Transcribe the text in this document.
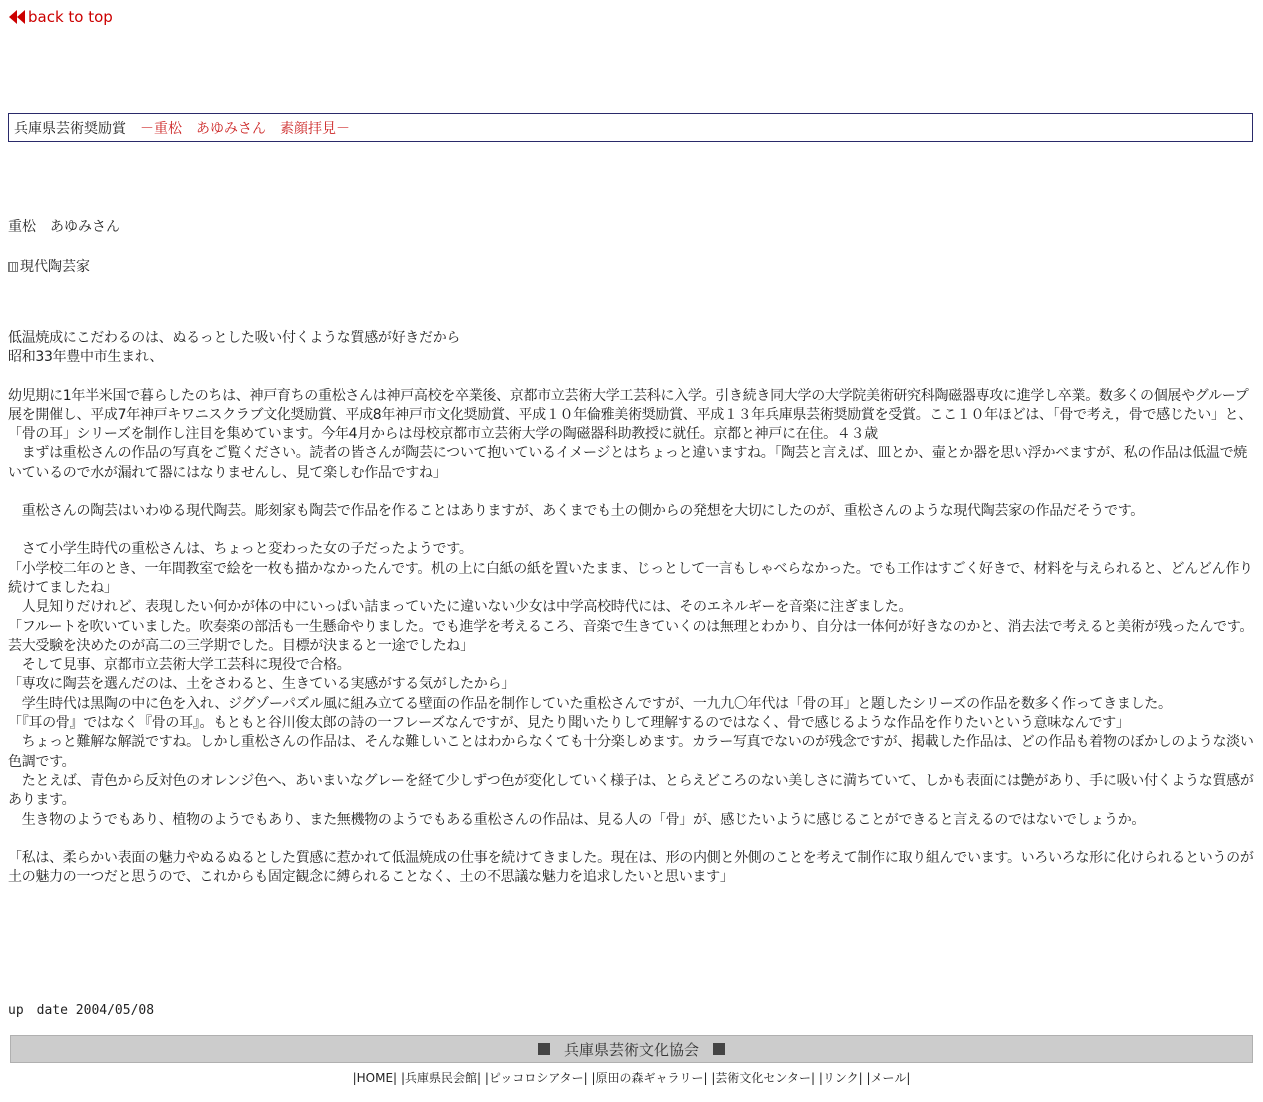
back to top
兵庫県芸術奨励賞 －重松　あゆみさん　素顔拝見－
重松　あゆみさん
現代陶芸家

低温焼成にこだわるのは、ぬるっとした吸い付くような質感が好きだから
昭和33年豊中市生まれ、

幼児期に1年半米国で暮らしたのちは、神戸育ちの重松さんは神戸高校を卒業後、京都市立芸術大学工芸科に入学。引き続き同大学の大学院美術研究科陶磁器専攻に進学し卒業。数多くの個展やグループ展を開催し、平成7年神戸キワニスクラブ文化奨励賞、平成8年神戸市文化奨励賞、平成１０年倫雅美術奨励賞、平成１３年兵庫県芸術奨励賞を受賞。ここ１０年ほどは、「骨で考え，骨で感じたい」と、「骨の耳」シリーズを制作し注目を集めています。今年4月からは母校京都市立芸術大学の陶磁器科助教授に就任。京都と神戸に在住。４３歳
　まずは重松さんの作品の写真をご覧ください。読者の皆さんが陶芸について抱いているイメージとはちょっと違いますね。「陶芸と言えば、皿とか、壷とか器を思い浮かべますが、私の作品は低温で焼いているので水が漏れて器にはなりませんし、見て楽しむ作品ですね」

　重松さんの陶芸はいわゆる現代陶芸。彫刻家も陶芸で作品を作ることはありますが、あくまでも土の側からの発想を大切にしたのが、重松さんのような現代陶芸家の作品だそうです。

　さて小学生時代の重松さんは、ちょっと変わった女の子だったようです。
「小学校二年のとき、一年間教室で絵を一枚も描かなかったんです。机の上に白紙の紙を置いたまま、じっとして一言もしゃべらなかった。でも工作はすごく好きで、材料を与えられると、どんどん作り続けてましたね」
　人見知りだけれど、表現したい何かが体の中にいっぱい詰まっていたに違いない少女は中学高校時代には、そのエネルギーを音楽に注ぎました。
「フルートを吹いていました。吹奏楽の部活も一生懸命やりました。でも進学を考えるころ、音楽で生きていくのは無理とわかり、自分は一体何が好きなのかと、消去法で考えると美術が残ったんです。芸大受験を決めたのが高二の三学期でした。目標が決まると一途でしたね」
　そして見事、京都市立芸術大学工芸科に現役で合格。
「専攻に陶芸を選んだのは、土をさわると、生きている実感がする気がしたから」
　学生時代は黒陶の中に色を入れ、ジグゾーパズル風に組み立てる壁面の作品を制作していた重松さんですが、一九九〇年代は「骨の耳」と題したシリーズの作品を数多く作ってきました。
「『耳の骨』ではなく『骨の耳』。もともと谷川俊太郎の詩の一フレーズなんですが、見たり聞いたりして理解するのではなく、骨で感じるような作品を作りたいという意味なんです」
　ちょっと難解な解説ですね。しかし重松さんの作品は、そんな難しいことはわからなくても十分楽しめます。カラー写真でないのが残念ですが、掲載した作品は、どの作品も着物のぼかしのような淡い色調です。
　たとえば、青色から反対色のオレンジ色へ、あいまいなグレーを経て少しずつ色が変化していく様子は、とらえどころのない美しさに満ちていて、しかも表面には艶があり、手に吸い付くような質感があります。
　生き物のようでもあり、植物のようでもあり、また無機物のようでもある重松さんの作品は、見る人の「骨」が、感じたいように感じることができると言えるのではないでしょうか。

「私は、柔らかい表面の魅力やぬるぬるとした質感に惹かれて低温焼成の仕事を続けてきました。現在は、形の内側と外側のことを考えて制作に取り組んでいます。いろいろな形に化けられるというのが土の魅力の一つだと思うので、これからも固定観念に縛られることなく、土の不思議な魅力を追求したいと思います」

up　date 2004/05/08
兵庫県芸術文化協会
|HOME| |兵庫県民会館| |ピッコロシアター| |原田の森ギャラリー| |芸術文化センター| |リンク| |メール|
